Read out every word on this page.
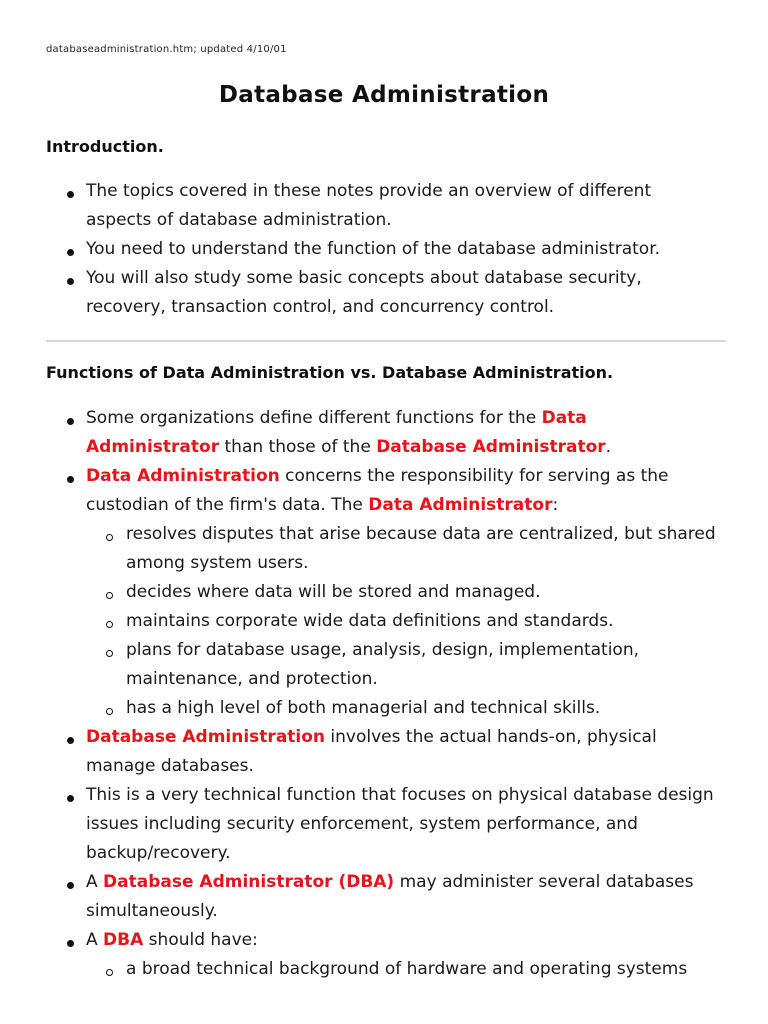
databaseadministration.htm; updated 4/10/01
Database Administration
Introduction.
The topics covered in these notes provide an overview of different aspects of database administration.
You need to understand the function of the database administrator.
You will also study some basic concepts about database security, recovery, transaction control, and concurrency control.
Functions of Data Administration vs. Database Administration.
Some organizations define different functions for the Data Administrator than those of the Database Administrator.
Data Administration concerns the responsibility for serving as the custodian of the firm's data. The Data Administrator:
resolves disputes that arise because data are centralized, but shared among system users.
decides where data will be stored and managed.
maintains corporate wide data definitions and standards.
plans for database usage, analysis, design, implementation, maintenance, and protection.
has a high level of both managerial and technical skills.
Database Administration involves the actual hands-on, physical manage databases.
This is a very technical function that focuses on physical database design issues including security enforcement, system performance, and backup/recovery.
A Database Administrator (DBA) may administer several databases simultaneously.
A DBA should have:
a broad technical background of hardware and operating systems
